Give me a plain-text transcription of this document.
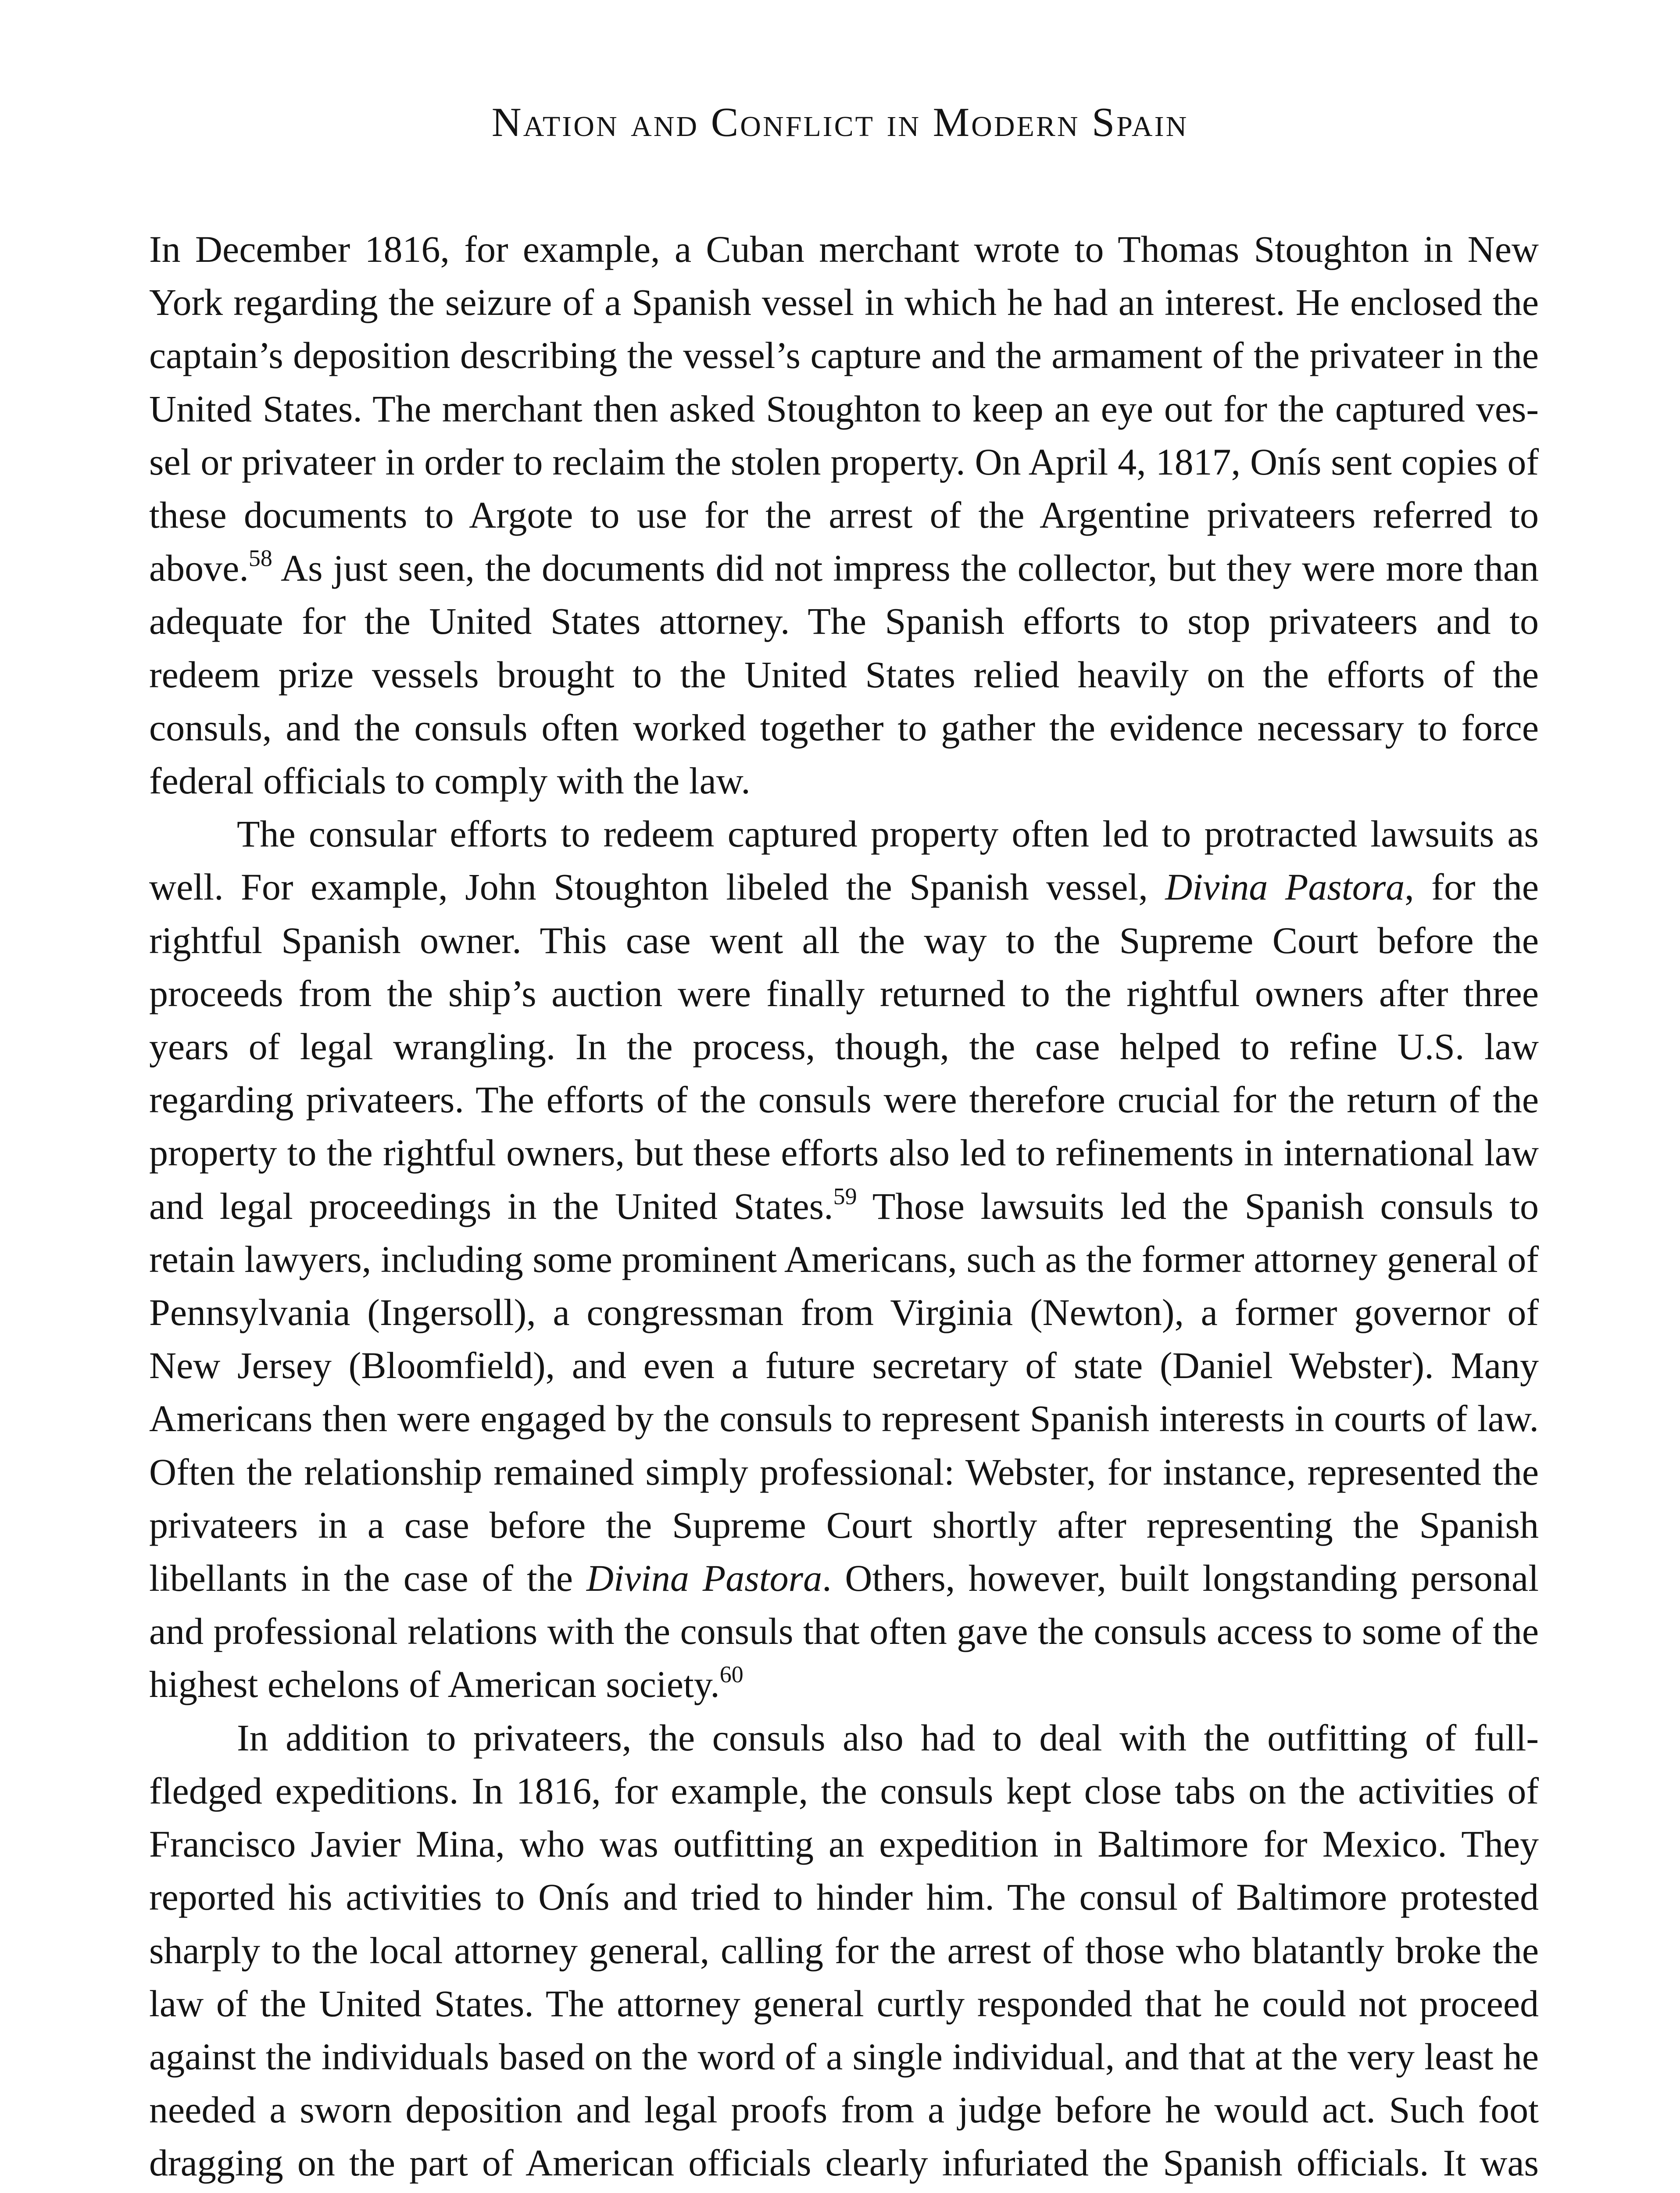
Nation and Conflict in Modern Spain

In December 1816, for example, a Cuban merchant wrote to Thomas Stoughton in New York regarding the seizure of a Spanish vessel in which he had an interest. He enclosed the captain’s deposition describing the vessel’s capture and the armament of the privateer in the United States. The merchant then asked Stoughton to keep an eye out for the captured vessel or privateer in order to reclaim the stolen property. On April 4, 1817, Onís sent copies of these documents to Argote to use for the arrest of the Argentine privateers referred to above.$^{58}$ As just seen, the documents did not impress the collector, but they were more than adequate for the United States attorney. The Spanish efforts to stop privateers and to redeem prize vessels brought to the United States relied heavily on the efforts of the consuls, and the consuls often worked together to gather the evidence necessary to force federal officials to comply with the law.

The consular efforts to redeem captured property often led to protracted lawsuits as well. For example, John Stoughton libeled the Spanish vessel, Divina Pastora, for the rightful Spanish owner. This case went all the way to the Supreme Court before the proceeds from the ship’s auction were finally returned to the rightful owners after three years of legal wrangling. In the process, though, the case helped to refine U.S. law regarding privateers. The efforts of the consuls were therefore crucial for the return of the property to the rightful owners, but these efforts also led to refinements in international law and legal proceedings in the United States.$^{59}$ Those lawsuits led the Spanish consuls to retain lawyers, including some prominent Americans, such as the former attorney general of Pennsylvania (Ingersoll), a congressman from Virginia (Newton), a former governor of New Jersey (Bloomfield), and even a future secretary of state (Daniel Webster). Many Americans then were engaged by the consuls to represent Spanish interests in courts of law. Often the relationship remained simply professional: Webster, for instance, represented the privateers in a case before the Supreme Court shortly after representing the Spanish libellants in the case of the Divina Pastora. Others, however, built longstanding personal and professional relations with the consuls that often gave the consuls access to some of the highest echelons of American society.$^{60}$

In addition to privateers, the consuls also had to deal with the outfitting of full-fledged expeditions. In 1816, for example, the consuls kept close tabs on the activities of Francisco Javier Mina, who was outfitting an expedition in Baltimore for Mexico. They reported his activities to Onís and tried to hinder him. The consul of Baltimore protested sharply to the local attorney general, calling for the arrest of those who blatantly broke the law of the United States. The attorney general curtly responded that he could not proceed against the individuals based on the word of a single individual, and that at the very least he needed a sworn deposition and legal proofs from a judge before he would act. Such foot dragging on the part of American officials clearly infuriated the Spanish officials. It was
